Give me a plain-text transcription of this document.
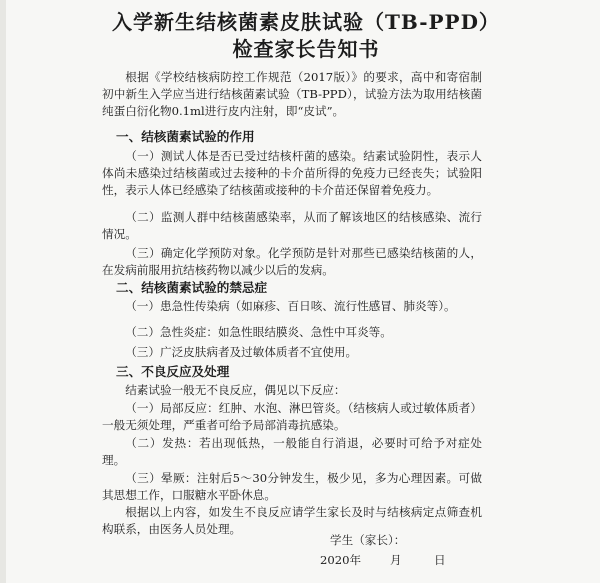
入学新生结核菌素皮肤试验（TB-PPD）
检查家长告知书
根据《学校结核病防控工作规范（2017版）》的要求，高中和寄宿制初中新生入学应当进行结核菌素试验（TB-PPD），试验方法为取用结核菌纯蛋白衍化物0.1ml进行皮内注射，即“皮试”。
一、结核菌素试验的作用
（一）测试人体是否已受过结核杆菌的感染。结素试验阴性，表示人体尚未感染过结核菌或过去接种的卡介苗所得的免疫力已经丧失；试验阳性，表示人体已经感染了结核菌或接种的卡介苗还保留着免疫力。
（二）监测人群中结核菌感染率，从而了解该地区的结核感染、流行情况。
（三）确定化学预防对象。化学预防是针对那些已感染结核菌的人，在发病前服用抗结核药物以减少以后的发病。
二、结核菌素试验的禁忌症
（一）患急性传染病（如麻疹、百日咳、流行性感冒、肺炎等）。
（二）急性炎症：如急性眼结膜炎、急性中耳炎等。
（三）广泛皮肤病者及过敏体质者不宜使用。
三、不良反应及处理
结素试验一般无不良反应，偶见以下反应：
（一）局部反应：红肿、水泡、淋巴管炎。（结核病人或过敏体质者）一般无须处理，严重者可给予局部消毒抗感染。
（二）发热：若出现低热，一般能自行消退，必要时可给予对症处理。
（三）晕厥：注射后5～30分钟发生，极少见，多为心理因素。可做其思想工作，口服糖水平卧休息。
根据以上内容，如发生不良反应请学生家长及时与结核病定点筛查机构联系，由医务人员处理。
学生（家长）：
2020年 月	日
